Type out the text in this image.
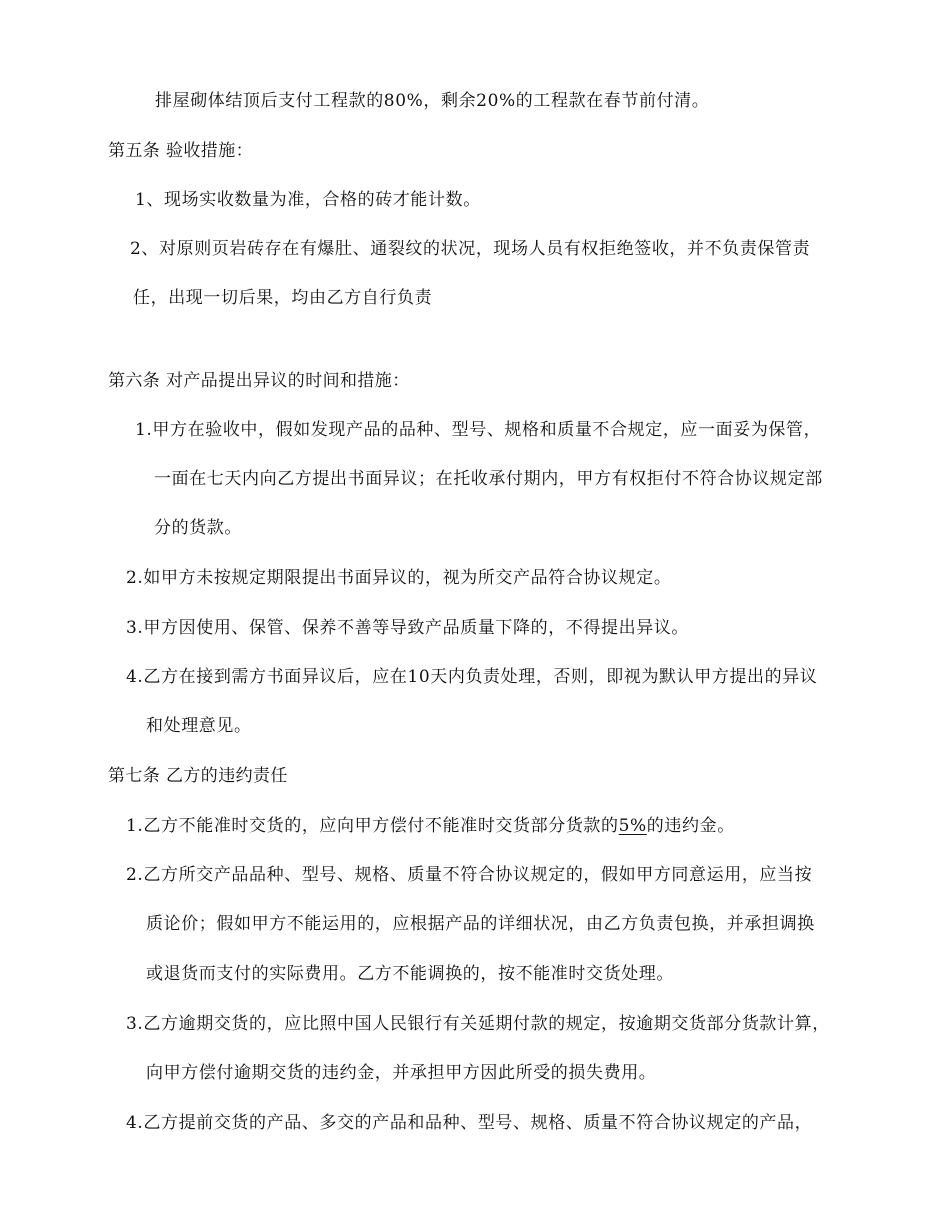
排屋砌体结顶后支付工程款的80%，剩余20%的工程款在春节前付清。
第五条 验收措施：
1、现场实收数量为准，合格的砖才能计数。
2、对原则页岩砖存在有爆肚、通裂纹的状况，现场人员有权拒绝签收，并不负责保管责
任，出现一切后果，均由乙方自行负责
第六条 对产品提出异议的时间和措施：
1.甲方在验收中，假如发现产品的品种、型号、规格和质量不合规定，应一面妥为保管，
一面在七天内向乙方提出书面异议；在托收承付期内，甲方有权拒付不符合协议规定部
分的货款。
2.如甲方未按规定期限提出书面异议的，视为所交产品符合协议规定。
3.甲方因使用、保管、保养不善等导致产品质量下降的，不得提出异议。
4.乙方在接到需方书面异议后，应在10天内负责处理，否则，即视为默认甲方提出的异议
和处理意见。
第七条 乙方的违约责任
1.乙方不能准时交货的，应向甲方偿付不能准时交货部分货款的5%的违约金。
2.乙方所交产品品种、型号、规格、质量不符合协议规定的，假如甲方同意运用，应当按
质论价；假如甲方不能运用的，应根据产品的详细状况，由乙方负责包换，并承担调换
或退货而支付的实际费用。乙方不能调换的，按不能准时交货处理。
3.乙方逾期交货的，应比照中国人民银行有关延期付款的规定，按逾期交货部分货款计算，
向甲方偿付逾期交货的违约金，并承担甲方因此所受的损失费用。
4.乙方提前交货的产品、多交的产品和品种、型号、规格、质量不符合协议规定的产品，
